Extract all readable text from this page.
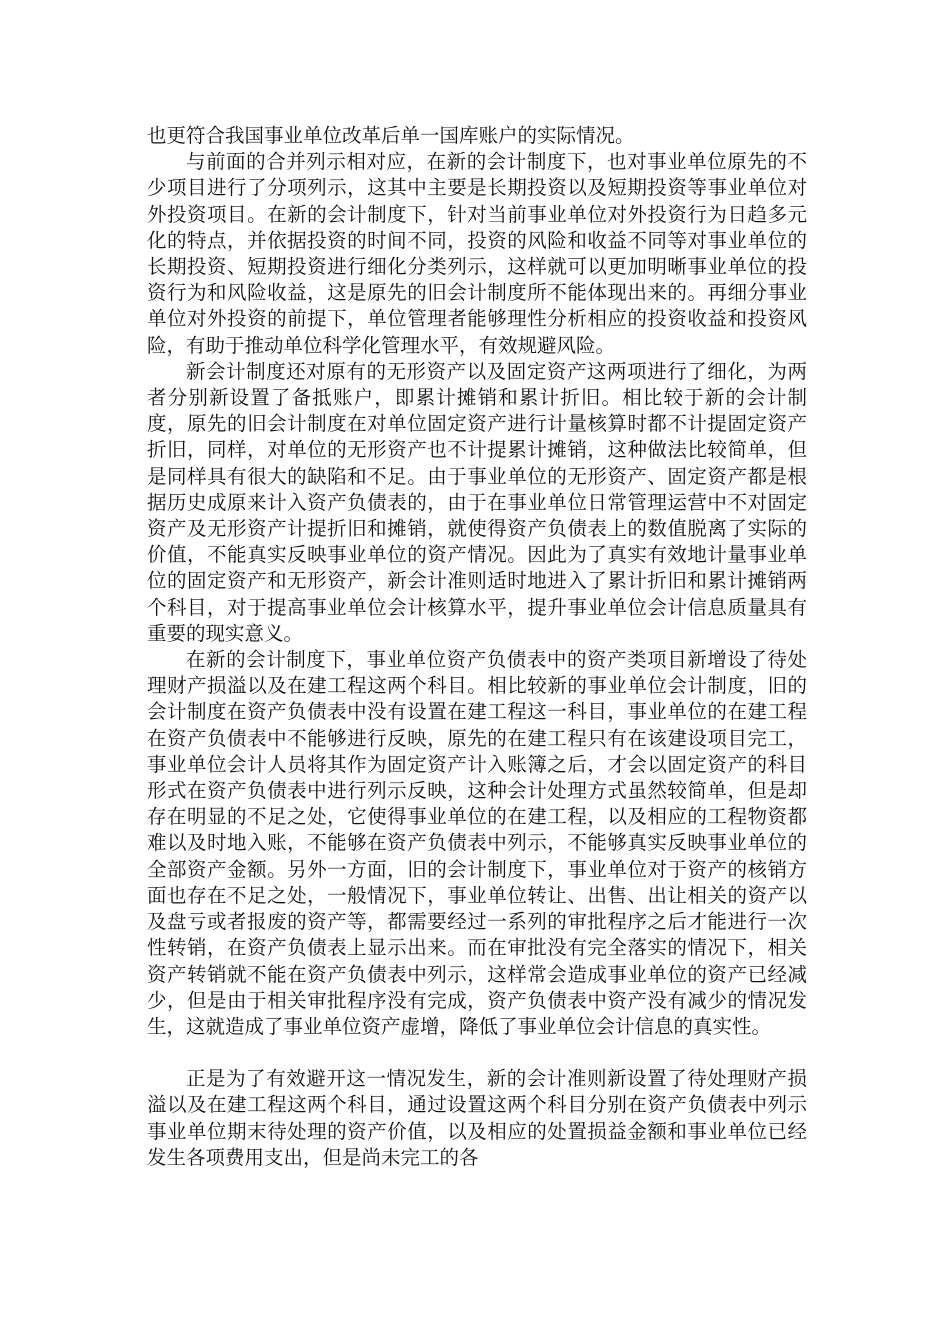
也更符合我国事业单位改革后单一国库账户的实际情况。

与前面的合并列示相对应，在新的会计制度下，也对事业单位原先的不少项目进行了分项列示，这其中主要是长期投资以及短期投资等事业单位对外投资项目。在新的会计制度下，针对当前事业单位对外投资行为日趋多元化的特点，并依据投资的时间不同，投资的风险和收益不同等对事业单位的长期投资、短期投资进行细化分类列示，这样就可以更加明晰事业单位的投资行为和风险收益，这是原先的旧会计制度所不能体现出来的。再细分事业单位对外投资的前提下，单位管理者能够理性分析相应的投资收益和投资风险，有助于推动单位科学化管理水平，有效规避风险。

新会计制度还对原有的无形资产以及固定资产这两项进行了细化，为两者分别新设置了备抵账户，即累计摊销和累计折旧。相比较于新的会计制度，原先的旧会计制度在对单位固定资产进行计量核算时都不计提固定资产折旧，同样，对单位的无形资产也不计提累计摊销，这种做法比较简单，但是同样具有很大的缺陷和不足。由于事业单位的无形资产、固定资产都是根据历史成原来计入资产负债表的，由于在事业单位日常管理运营中不对固定资产及无形资产计提折旧和摊销，就使得资产负债表上的数值脱离了实际的价值，不能真实反映事业单位的资产情况。因此为了真实有效地计量事业单位的固定资产和无形资产，新会计准则适时地进入了累计折旧和累计摊销两个科目，对于提高事业单位会计核算水平，提升事业单位会计信息质量具有重要的现实意义。

在新的会计制度下，事业单位资产负债表中的资产类项目新增设了待处理财产损溢以及在建工程这两个科目。相比较新的事业单位会计制度，旧的会计制度在资产负债表中没有设置在建工程这一科目，事业单位的在建工程在资产负债表中不能够进行反映，原先的在建工程只有在该建设项目完工，事业单位会计人员将其作为固定资产计入账簿之后，才会以固定资产的科目形式在资产负债表中进行列示反映，这种会计处理方式虽然较简单，但是却存在明显的不足之处，它使得事业单位的在建工程，以及相应的工程物资都难以及时地入账，不能够在资产负债表中列示，不能够真实反映事业单位的全部资产金额。另外一方面，旧的会计制度下，事业单位对于资产的核销方面也存在不足之处，一般情况下，事业单位转让、出售、出让相关的资产以及盘亏或者报废的资产等，都需要经过一系列的审批程序之后才能进行一次性转销，在资产负债表上显示出来。而在审批没有完全落实的情况下，相关资产转销就不能在资产负债表中列示，这样常会造成事业单位的资产已经减少，但是由于相关审批程序没有完成，资产负债表中资产没有减少的情况发生，这就造成了事业单位资产虚增，降低了事业单位会计信息的真实性。

正是为了有效避开这一情况发生，新的会计准则新设置了待处理财产损溢以及在建工程这两个科目，通过设置这两个科目分别在资产负债表中列示事业单位期末待处理的资产价值，以及相应的处置损益金额和事业单位已经发生各项费用支出，但是尚未完工的各
